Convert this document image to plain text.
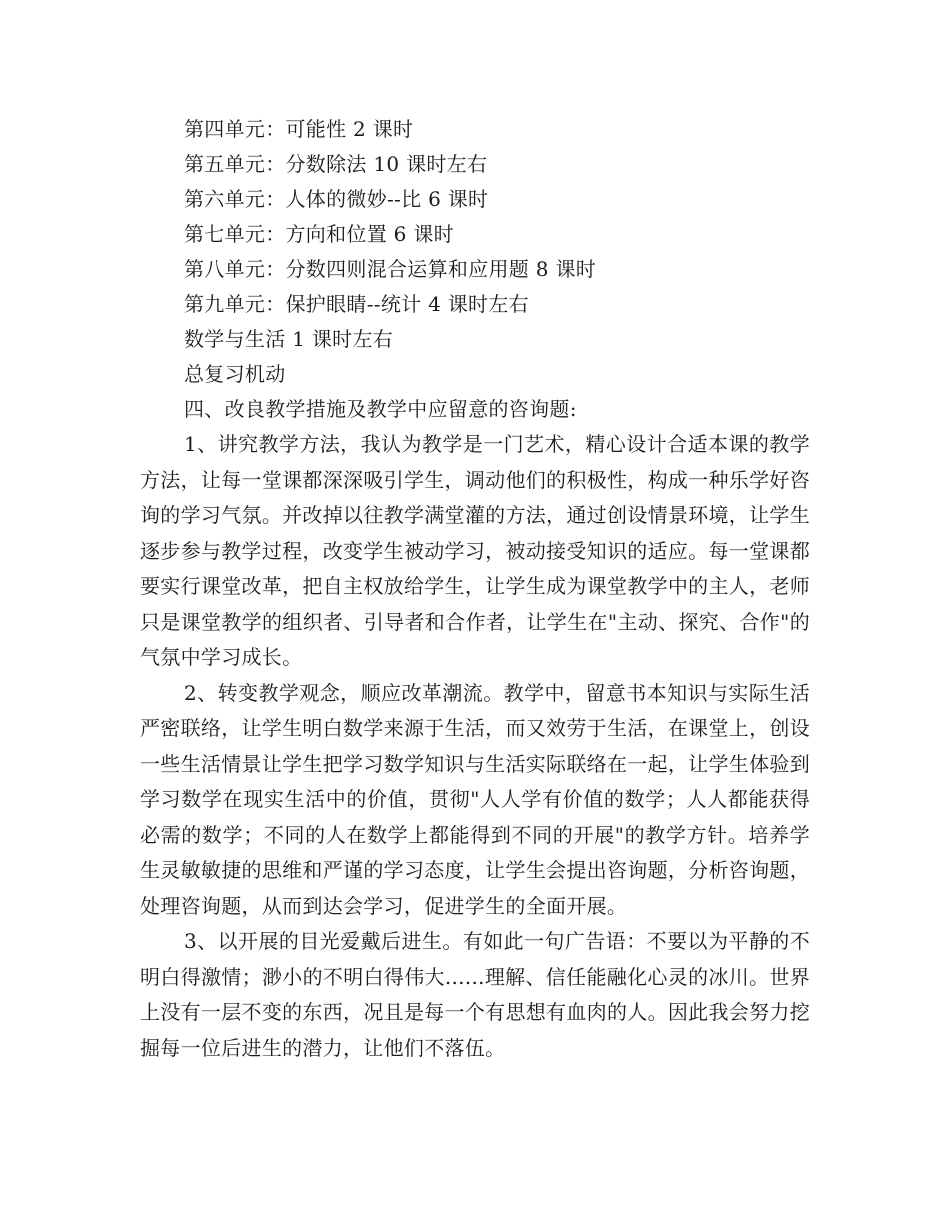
第四单元：可能性 2 课时
第五单元：分数除法 10 课时左右
第六单元：人体的微妙--比 6 课时
第七单元：方向和位置 6 课时
第八单元：分数四则混合运算和应用题 8 课时
第九单元：保护眼睛--统计 4 课时左右
数学与生活 1 课时左右
总复习机动
四、改良教学措施及教学中应留意的咨询题:

1、讲究教学方法，我认为教学是一门艺术，精心设计合适本课的教学方法，让每一堂课都深深吸引学生，调动他们的积极性，构成一种乐学好咨询的学习气氛。并改掉以往教学满堂灌的方法，通过创设情景环境，让学生逐步参与教学过程，改变学生被动学习，被动接受知识的适应。每一堂课都要实行课堂改革，把自主权放给学生，让学生成为课堂教学中的主人，老师只是课堂教学的组织者、引导者和合作者，让学生在"主动、探究、合作"的气氛中学习成长。

2、转变教学观念，顺应改革潮流。教学中，留意书本知识与实际生活严密联络，让学生明白数学来源于生活，而又效劳于生活，在课堂上，创设一些生活情景让学生把学习数学知识与生活实际联络在一起，让学生体验到学习数学在现实生活中的价值，贯彻"人人学有价值的数学；人人都能获得必需的数学；不同的人在数学上都能得到不同的开展"的教学方针。培养学生灵敏敏捷的思维和严谨的学习态度，让学生会提出咨询题，分析咨询题，处理咨询题，从而到达会学习，促进学生的全面开展。

3、以开展的目光爱戴后进生。有如此一句广告语：不要以为平静的不明白得激情；渺小的不明白得伟大......理解、信任能融化心灵的冰川。世界上没有一层不变的东西，况且是每一个有思想有血肉的人。因此我会努力挖掘每一位后进生的潜力，让他们不落伍。
